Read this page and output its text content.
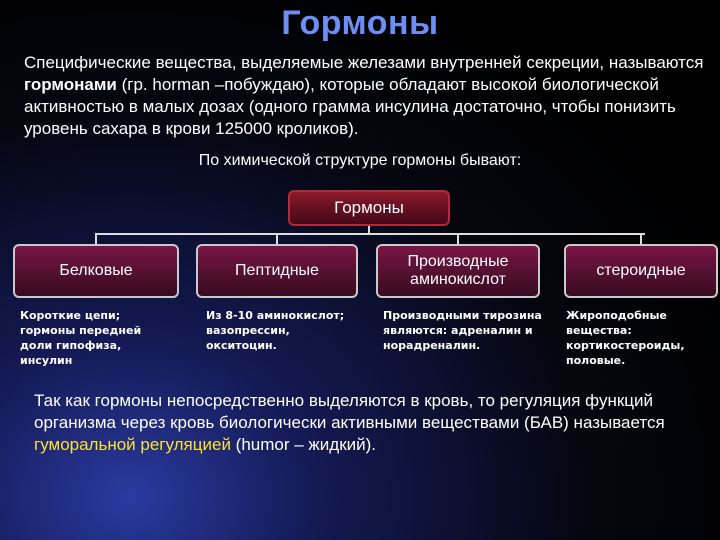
Гормоны
Специфические вещества, выделяемые железами внутренней секреции, называются гормонами (гр. horman –побуждаю), которые обладают высокой биологической активностью в малых дозах (одного грамма инсулина достаточно, чтобы понизить уровень сахара в крови 125000 кроликов).
По химической структуре гормоны бывают:
Гормоны
Белковые	Пептидные
Производные аминокислот
стероидные
Короткие цепи; гормоны передней доли гипофиза, инсулин
Из 8-10 аминокислот; вазопрессин, окситоцин.
Производными тирозина являются: адреналин и норадреналин.
Жироподобные вещества: кортикостероиды, половые.
Так как гормоны непосредственно выделяются в кровь, то регуляция функций организма через кровь биологически активными веществами (БАВ) называется гуморальной регуляцией (humor – жидкий).
